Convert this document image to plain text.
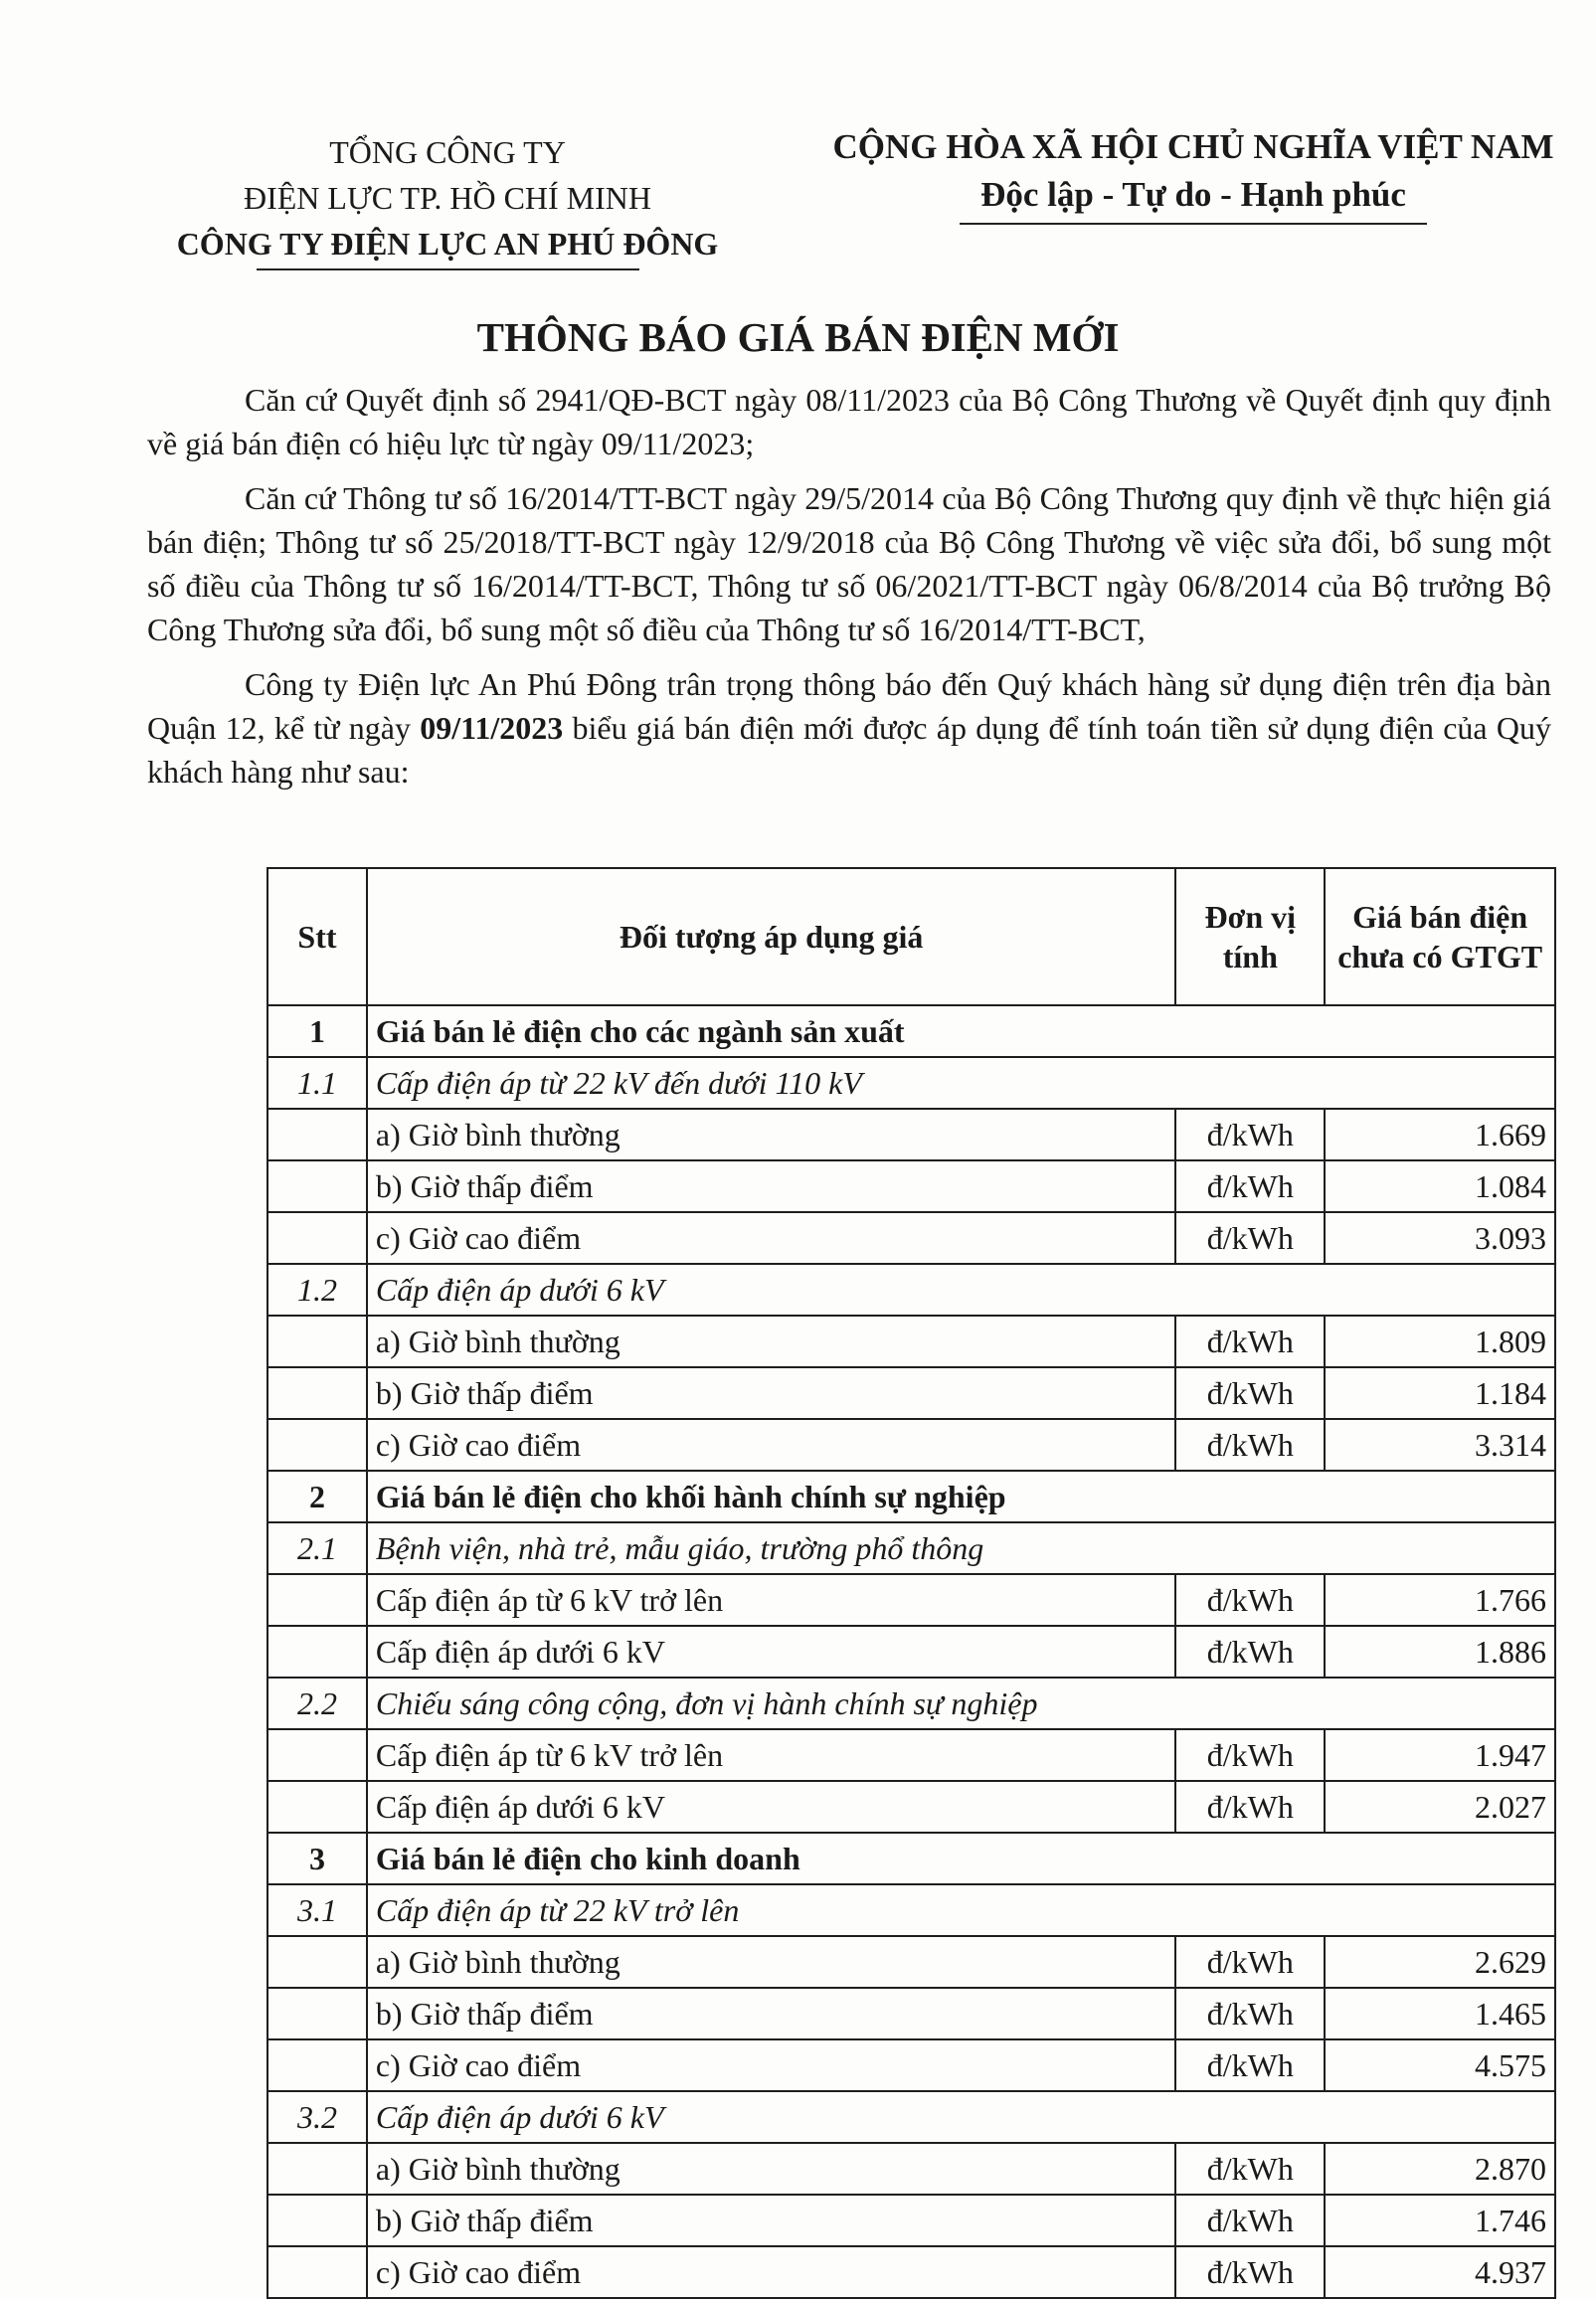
TỔNG CÔNG TY
ĐIỆN LỰC TP. HỒ CHÍ MINH
CÔNG TY ĐIỆN LỰC AN PHÚ ĐÔNG
CỘNG HÒA XÃ HỘI CHỦ NGHĨA VIỆT NAM
Độc lập - Tự do - Hạnh phúc
THÔNG BÁO GIÁ BÁN ĐIỆN MỚI

Căn cứ Quyết định số 2941/QĐ-BCT ngày 08/11/2023 của Bộ Công Thương về Quyết định quy định về giá bán điện có hiệu lực từ ngày 09/11/2023;

Căn cứ Thông tư số 16/2014/TT-BCT ngày 29/5/2014 của Bộ Công Thương quy định về thực hiện giá bán điện; Thông tư số 25/2018/TT-BCT ngày 12/9/2018 của Bộ Công Thương về việc sửa đổi, bổ sung một số điều của Thông tư số 16/2014/TT-BCT, Thông tư số 06/2021/TT-BCT ngày 06/8/2014 của Bộ trưởng Bộ Công Thương sửa đổi, bổ sung một số điều của Thông tư số 16/2014/TT-BCT,

Công ty Điện lực An Phú Đông trân trọng thông báo đến Quý khách hàng sử dụng điện trên địa bàn Quận 12, kể từ ngày 09/11/2023 biểu giá bán điện mới được áp dụng để tính toán tiền sử dụng điện của Quý khách hàng như sau:

Stt	Đối tượng áp dụng giá	Đơn vị tính	Giá bán điện chưa có GTGT
1	Giá bán lẻ điện cho các ngành sản xuất		
1.1	Cấp điện áp từ 22 kV đến dưới 110 kV		
	a) Giờ bình thường	đ/kWh	1.669
	b) Giờ thấp điểm	đ/kWh	1.084
	c) Giờ cao điểm	đ/kWh	3.093
1.2	Cấp điện áp dưới 6 kV		
	a) Giờ bình thường	đ/kWh	1.809
	b) Giờ thấp điểm	đ/kWh	1.184
	c) Giờ cao điểm	đ/kWh	3.314
2	Giá bán lẻ điện cho khối hành chính sự nghiệp		
2.1	Bệnh viện, nhà trẻ, mẫu giáo, trường phổ thông		
	Cấp điện áp từ 6 kV trở lên	đ/kWh	1.766
	Cấp điện áp dưới 6 kV	đ/kWh	1.886
2.2	Chiếu sáng công cộng, đơn vị hành chính sự nghiệp		
	Cấp điện áp từ 6 kV trở lên	đ/kWh	1.947
	Cấp điện áp dưới 6 kV	đ/kWh	2.027
3	Giá bán lẻ điện cho kinh doanh		
3.1	Cấp điện áp từ 22 kV trở lên		
	a) Giờ bình thường	đ/kWh	2.629
	b) Giờ thấp điểm	đ/kWh	1.465
	c) Giờ cao điểm	đ/kWh	4.575
3.2	Cấp điện áp dưới 6 kV		
	a) Giờ bình thường	đ/kWh	2.870
	b) Giờ thấp điểm	đ/kWh	1.746
	c) Giờ cao điểm	đ/kWh	4.937
